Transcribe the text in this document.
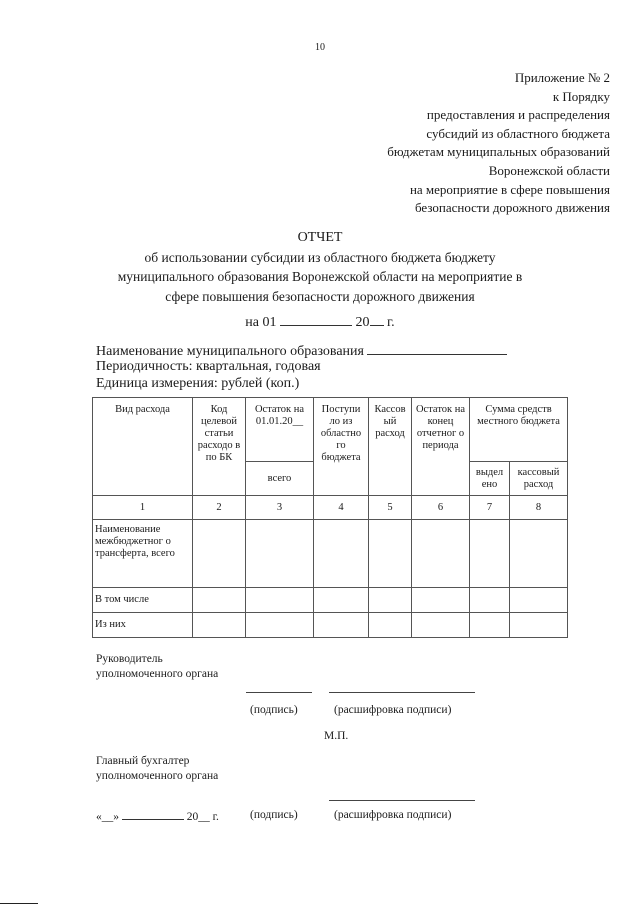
10
Приложение № 2
к Порядку
предоставления и распределения
субсидий из областного бюджета
бюджетам муниципальных образований
Воронежской области
на мероприятие в сфере повышения
безопасности дорожного движения
ОТЧЕТ
об использовании субсидии из областного бюджета бюджету
муниципального образования Воронежской области на мероприятие в
сфере повышения безопасности дорожного движения
на 01	20 г.
Наименование муниципального образования
Периодичность: квартальная, годовая
Единица измерения: рублей (коп.)
Вид расхода	Код целевой статьи расходо в по БК	Остаток на 01.01.20__	Поступи ло из областно го бюджета	Кассов ый расход	Остаток на конец отчетног о периода	Сумма средств местного бюджета	
		всего				выдел ено	кассовый расход
1	2	3	4	5	6	7	8
Наименование межбюджетног о трансферта, всего							
В том числе							
Из них							
Руководитель
уполномоченного органа
(подпись)	(расшифровка подписи)
М.П.
Главный бухгалтер
уполномоченного органа
«__»	20__ г.	(подпись)	(расшифровка подписи)
